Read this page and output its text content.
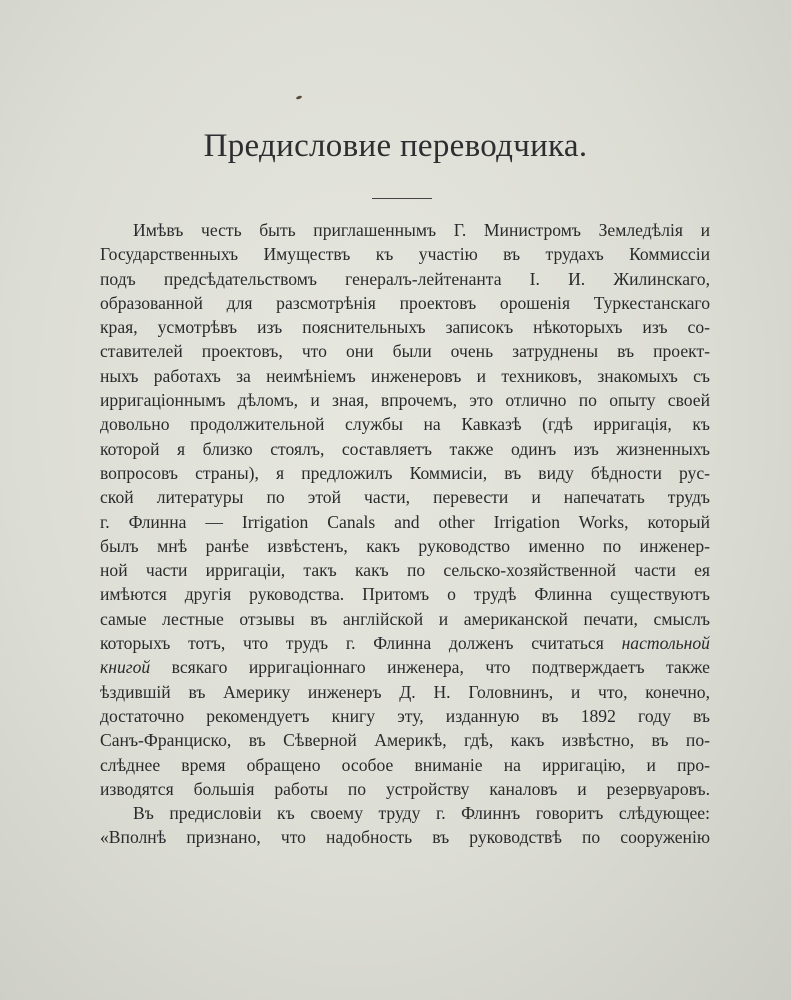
Предисловие переводчика.
Имѣвъ честь быть приглашеннымъ Г. Министромъ Земледѣлія и
Государственныхъ Имуществъ къ участію въ трудахъ Коммиссіи
подъ предсѣдательствомъ генералъ-лейтенанта І. И. Жилинскаго,
образованной для разсмотрѣнія проектовъ орошенія Туркестанскаго
края, усмотрѣвъ изъ пояснительныхъ записокъ нѣкоторыхъ изъ со-
ставителей проектовъ, что они были очень затруднены въ проект-
ныхъ работахъ за неимѣніемъ инженеровъ и техниковъ, знакомыхъ съ
ирригаціоннымъ дѣломъ, и зная, впрочемъ, это отлично по опыту своей
довольно продолжительной службы на Кавказѣ (гдѣ ирригація, къ
которой я близко стоялъ, составляетъ также одинъ изъ жизненныхъ
вопросовъ страны), я предложилъ Коммисіи, въ виду бѣдности рус-
ской литературы по этой части, перевести и напечатать трудъ
г. Флинна — Irrigation Canals and other Irrigation Works, который
былъ мнѣ ранѣе извѣстенъ, какъ руководство именно по инженер-
ной части ирригаціи, такъ какъ по сельско-хозяйственной части ея
имѣются другія руководства. Притомъ о трудѣ Флинна существуютъ
самые лестные отзывы въ англійской и американской печати, смыслъ
которыхъ тотъ, что трудъ г. Флинна долженъ считаться настольной
книгой всякаго ирригаціоннаго инженера, что подтверждаетъ также
ѣздившій въ Америку инженеръ Д. Н. Головнинъ, и что, конечно,
достаточно рекомендуетъ книгу эту, изданную въ 1892 году въ
Санъ-Франциско, въ Сѣверной Америкѣ, гдѣ, какъ извѣстно, въ по-
слѣднее время обращено особое вниманіе на ирригацію, и про-
изводятся большія работы по устройству каналовъ и резервуаровъ.
Въ предисловіи къ своему труду г. Флиннъ говоритъ слѣдующее:
«Вполнѣ признано, что надобность въ руководствѣ по сооруженію
